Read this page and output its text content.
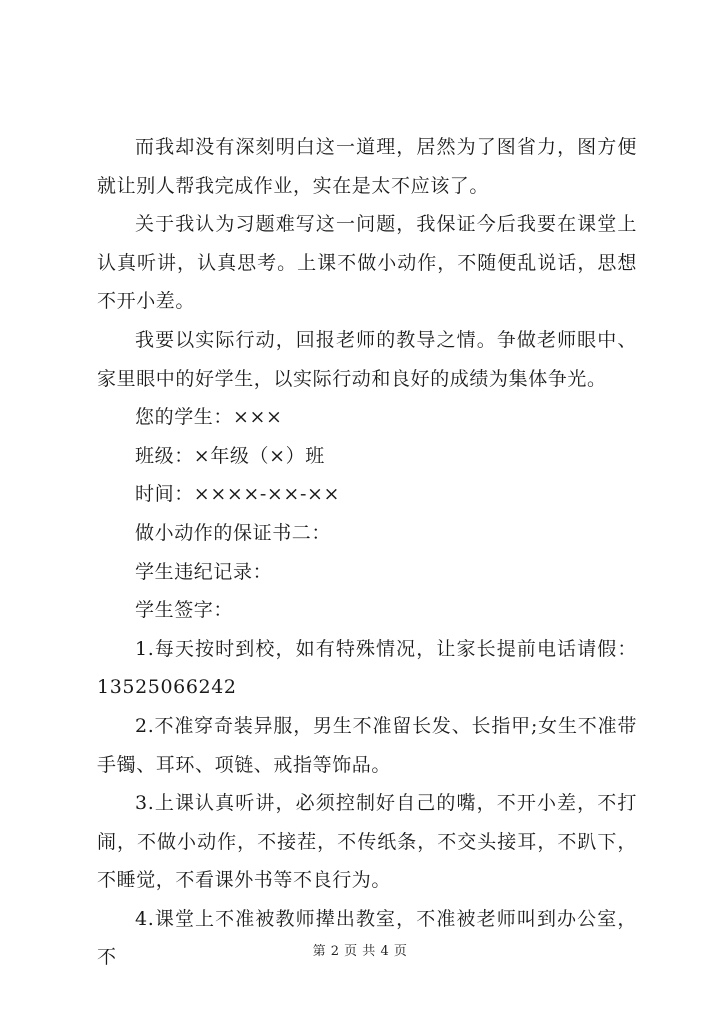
而我却没有深刻明白这一道理，居然为了图省力，图方便就让别人帮我完成作业，实在是太不应该了。

关于我认为习题难写这一问题，我保证今后我要在课堂上认真听讲，认真思考。上课不做小动作，不随便乱说话，思想不开小差。

我要以实际行动，回报老师的教导之情。争做老师眼中、家里眼中的好学生，以实际行动和良好的成绩为集体争光。

您的学生：×××

班级：×年级（×）班

时间：××××-××-××

做小动作的保证书二：

学生违纪记录：

学生签字：

1.每天按时到校，如有特殊情况，让家长提前电话请假：13525066242

2.不准穿奇装异服，男生不准留长发、长指甲;女生不准带手镯、耳环、项链、戒指等饰品。

3.上课认真听讲，必须控制好自己的嘴，不开小差，不打闹，不做小动作，不接茬，不传纸条，不交头接耳，不趴下，不睡觉，不看课外书等不良行为。

4.课堂上不准被教师撵出教室，不准被老师叫到办公室，不	第 2 页 共 4 页
